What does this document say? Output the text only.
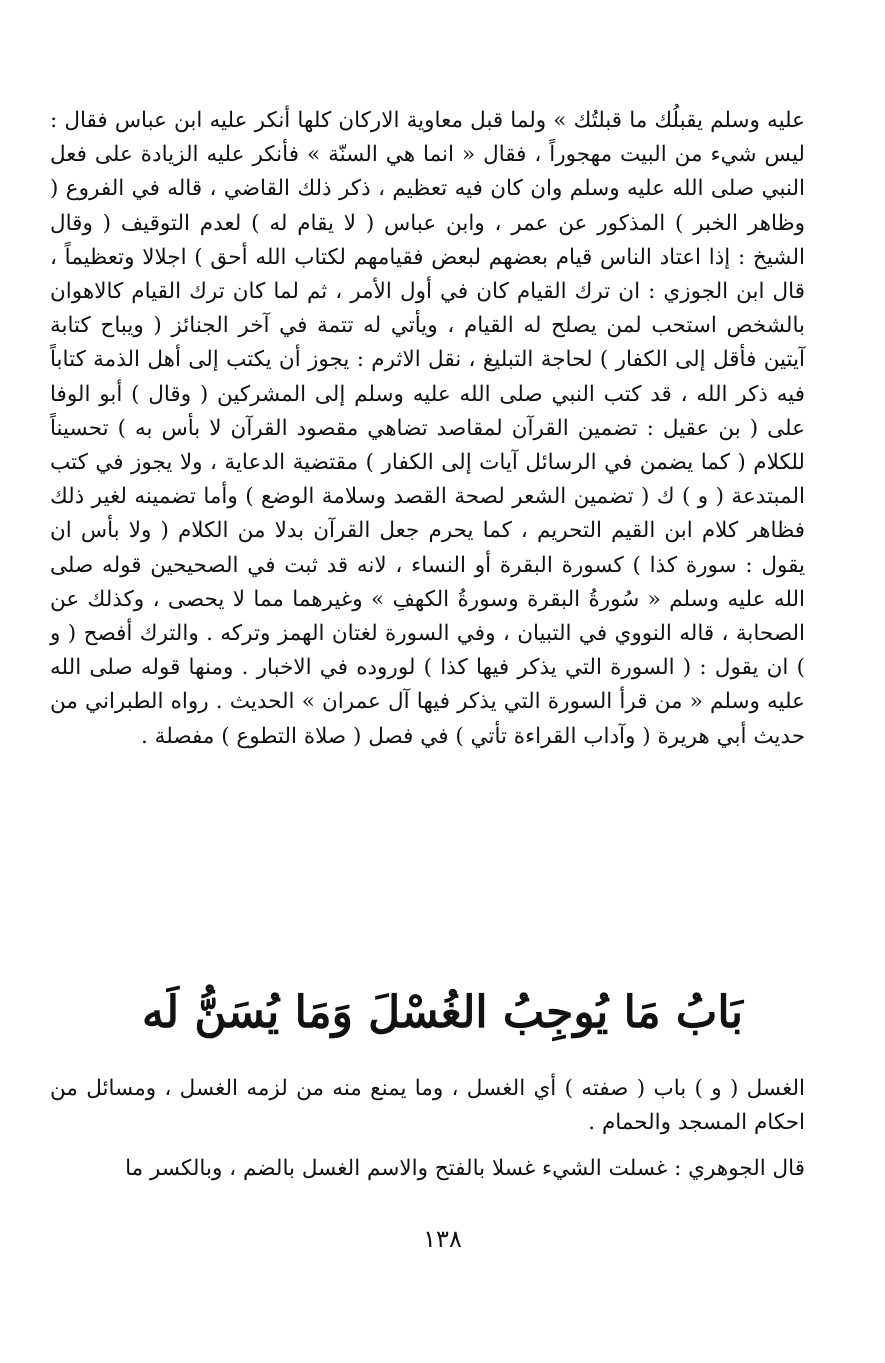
عليه وسلم يقبلُك ما قبلتُك » ولما قبل معاوية الاركان كلها أنكر عليه ابن عباس فقال : ليس شيء من البيت مهجوراً ، فقال « انما هي السنّة » فأنكر عليه الزيادة على فعل النبي صلى الله عليه وسلم وان كان فيه تعظيم ، ذكر ذلك القاضي ، قاله في الفروع ( وظاهر الخبر ) المذكور عن عمر ، وابن عباس ( لا يقام له ) لعدم التوقيف ( وقال الشيخ : إذا اعتاد الناس قيام بعضهم لبعض فقيامهم لكتاب الله أحق ) اجلالا وتعظيماً ، قال ابن الجوزي : ان ترك القيام كان في أول الأمر ، ثم لما كان ترك القيام كالاهوان بالشخص استحب لمن يصلح له القيام ، ويأتي له تتمة في آخر الجنائز ( ويباح كتابة آيتين فأقل إلى الكفار ) لحاجة التبليغ ، نقل الاثرم : يجوز أن يكتب إلى أهل الذمة كتاباً فيه ذكر الله ، قد كتب النبي صلى الله عليه وسلم إلى المشركين ( وقال ) أبو الوفا على ( بن عقيل : تضمين القرآن لمقاصد تضاهي مقصود القرآن لا بأس به ) تحسيناً للكلام ( كما يضمن في الرسائل آيات إلى الكفار ) مقتضية الدعاية ، ولا يجوز في كتب المبتدعة ( و ) ك ( تضمين الشعر لصحة القصد وسلامة الوضع ) وأما تضمينه لغير ذلك فظاهر كلام ابن القيم التحريم ، كما يحرم جعل القرآن بدلا من الكلام ( ولا بأس ان يقول : سورة كذا ) كسورة البقرة أو النساء ، لانه قد ثبت في الصحيحين قوله صلى الله عليه وسلم « سُورةُ البقرة وسورةُ الكهفِ » وغيرهما مما لا يحصى ، وكذلك عن الصحابة ، قاله النووي في التبيان ، وفي السورة لغتان الهمز وتركه . والترك أفصح ( و ) ان يقول : ( السورة التي يذكر فيها كذا ) لوروده في الاخبار . ومنها قوله صلى الله عليه وسلم « من قرأ السورة التي يذكر فيها آل عمران » الحديث . رواه الطبراني من حديث أبي هريرة ( وآداب القراءة تأتي ) في فصل ( صلاة التطوع ) مفصلة .

بَابُ مَا يُوجِبُ الغُسْلَ وَمَا يُسَنُّ لَه

الغسل ( و ) باب ( صفته ) أي الغسل ، وما يمنع منه من لزمه الغسل ، ومسائل من احكام المسجد والحمام .

قال الجوهري : غسلت الشيء غسلا بالفتح والاسم الغسل بالضم ، وبالكسر ما

١٣٨
